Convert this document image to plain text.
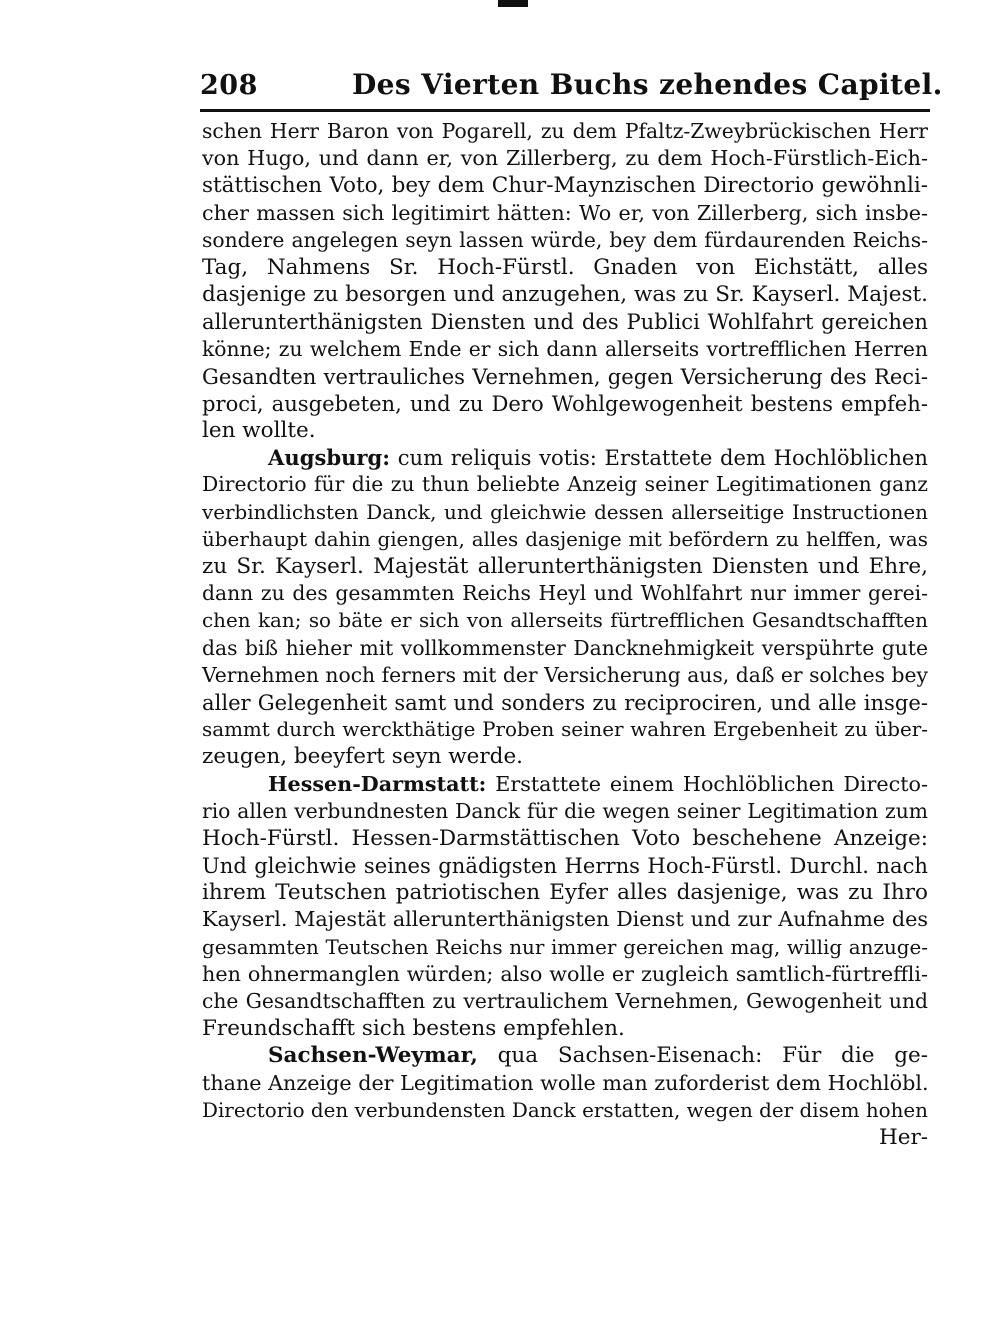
208	Des Vierten Buchs zehendes Capitel.
schen Herr Baron von Pogarell, zu dem Pfaltz-Zweybrückischen Herr
von Hugo, und dann er, von Zillerberg, zu dem Hoch-Fürstlich-Eich-
stättischen Voto, bey dem Chur-Maynzischen Directorio gewöhnli-
cher massen sich legitimirt hätten: Wo er, von Zillerberg, sich insbe-
sondere angelegen seyn lassen würde, bey dem fürdaurenden Reichs-
Tag, Nahmens Sr. Hoch-Fürstl. Gnaden von Eichstätt, alles
dasjenige zu besorgen und anzugehen, was zu Sr. Kayserl. Majest.
allerunterthänigsten Diensten und des Publici Wohlfahrt gereichen
könne; zu welchem Ende er sich dann allerseits vortrefflichen Herren
Gesandten vertrauliches Vernehmen, gegen Versicherung des Reci-
proci, ausgebeten, und zu Dero Wohlgewogenheit bestens empfeh-
len wollte.
Augsburg: cum reliquis votis: Erstattete dem Hochlöblichen
Directorio für die zu thun beliebte Anzeig seiner Legitimationen ganz
verbindlichsten Danck, und gleichwie dessen allerseitige Instructionen
überhaupt dahin giengen, alles dasjenige mit befördern zu helffen, was
zu Sr. Kayserl. Majestät allerunterthänigsten Diensten und Ehre,
dann zu des gesammten Reichs Heyl und Wohlfahrt nur immer gerei-
chen kan; so bäte er sich von allerseits fürtrefflichen Gesandtschafften
das biß hieher mit vollkommenster Dancknehmigkeit verspührte gute
Vernehmen noch ferners mit der Versicherung aus, daß er solches bey
aller Gelegenheit samt und sonders zu reciprociren, und alle insge-
sammt durch werckthätige Proben seiner wahren Ergebenheit zu über-
zeugen, beeyfert seyn werde.
Hessen-Darmstatt: Erstattete einem Hochlöblichen Directo-
rio allen verbundnesten Danck für die wegen seiner Legitimation zum
Hoch-Fürstl. Hessen-Darmstättischen Voto beschehene Anzeige:
Und gleichwie seines gnädigsten Herrns Hoch-Fürstl. Durchl. nach
ihrem Teutschen patriotischen Eyfer alles dasjenige, was zu Ihro
Kayserl. Majestät allerunterthänigsten Dienst und zur Aufnahme des
gesammten Teutschen Reichs nur immer gereichen mag, willig anzuge-
hen ohnermanglen würden; also wolle er zugleich samtlich-fürtreffli-
che Gesandtschafften zu vertraulichem Vernehmen, Gewogenheit und
Freundschafft sich bestens empfehlen.
Sachsen-Weymar, qua Sachsen-Eisenach: Für die ge-
thane Anzeige der Legitimation wolle man zuforderist dem Hochlöbl.
Directorio den verbundensten Danck erstatten, wegen der disem hohen
Her-
